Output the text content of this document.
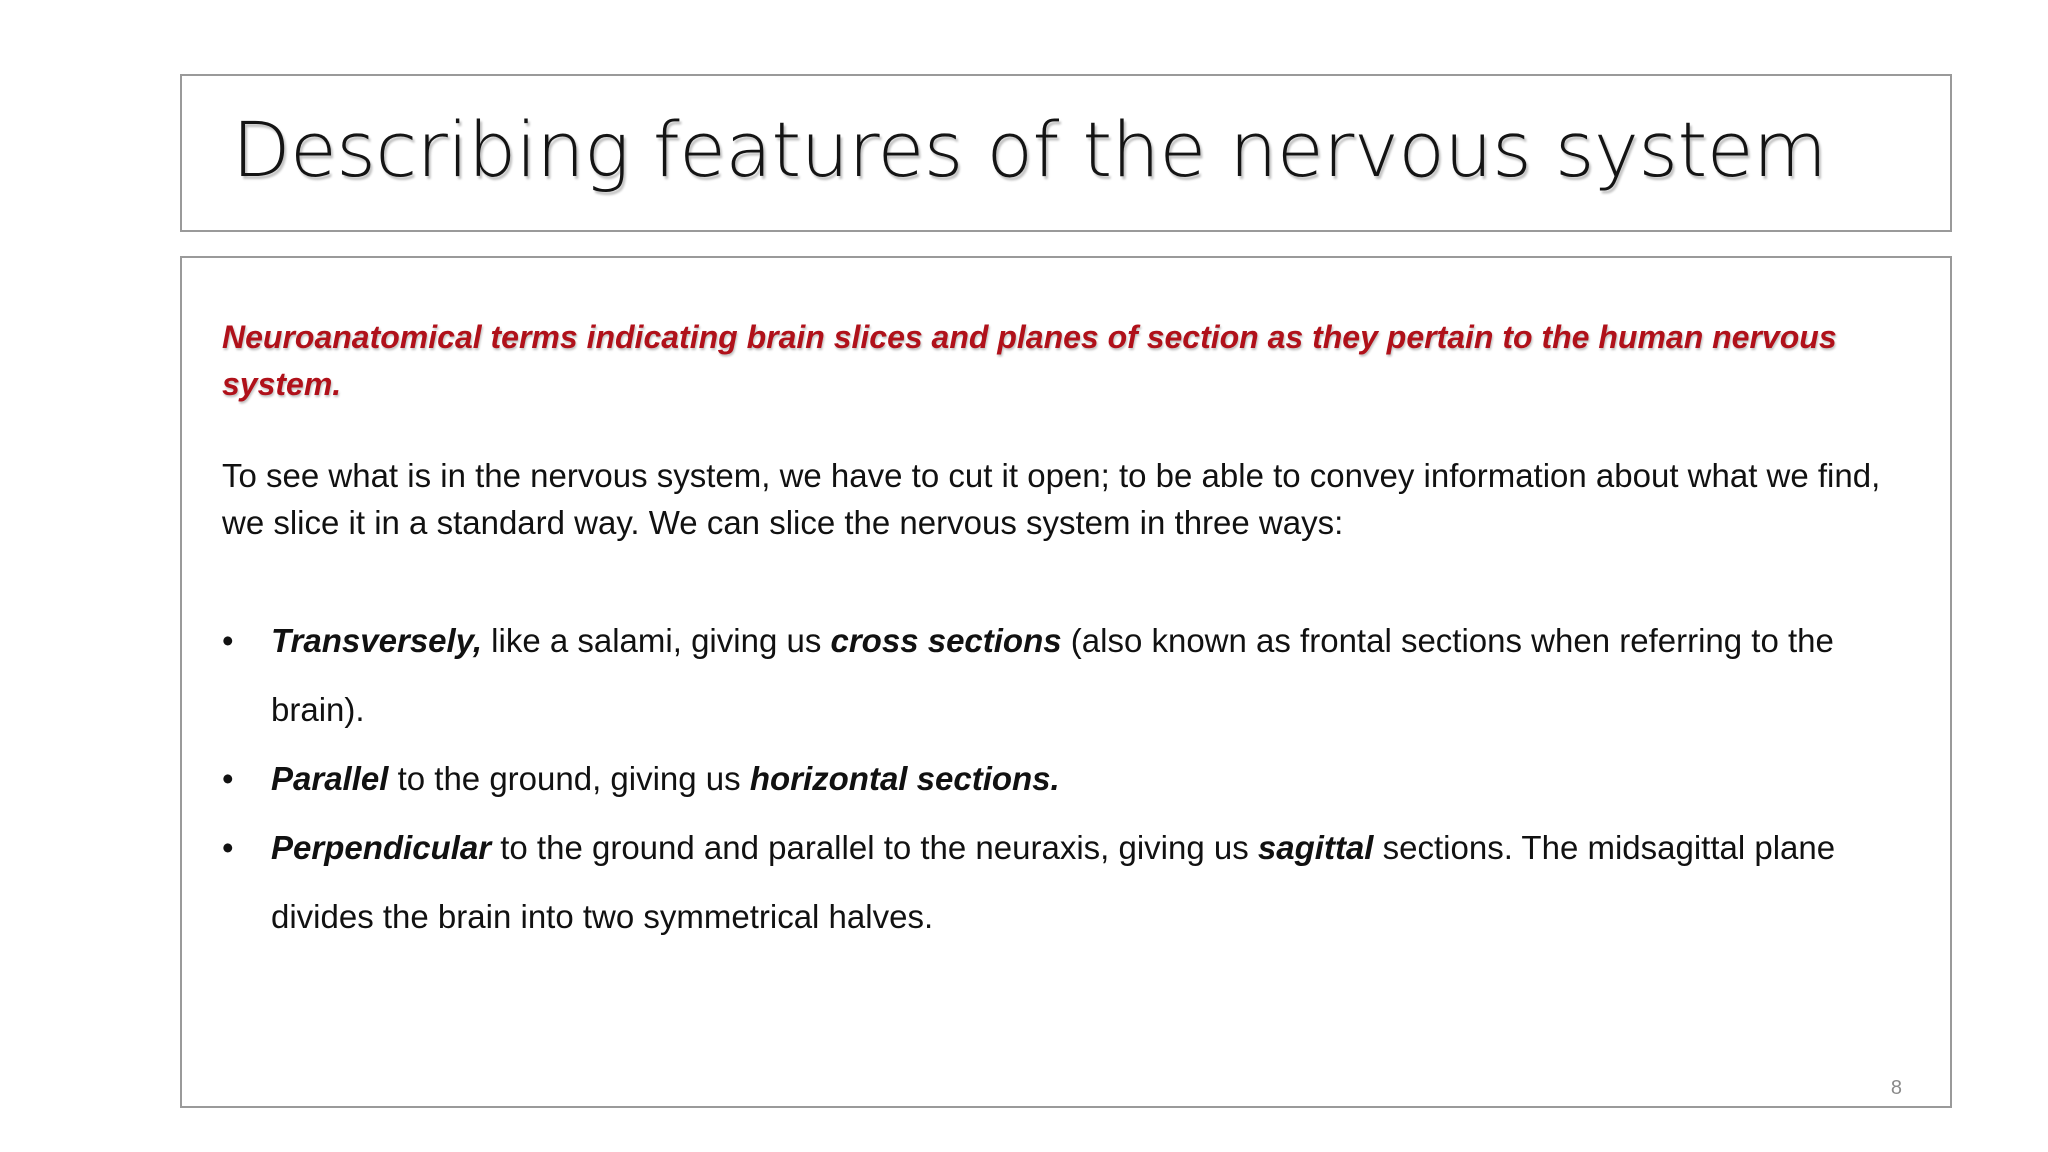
Describing features of the nervous system

Neuroanatomical terms indicating brain slices and planes of section as they pertain to the human nervous system.

To see what is in the nervous system, we have to cut it open; to be able to convey information about what we find, we slice it in a standard way. We can slice the nervous system in three ways:

• Transversely, like a salami, giving us cross sections (also known as frontal sections when referring to the brain).
• Parallel to the ground, giving us horizontal sections.
• Perpendicular to the ground and parallel to the neuraxis, giving us sagittal sections. The midsagittal plane divides the brain into two symmetrical halves.
8
